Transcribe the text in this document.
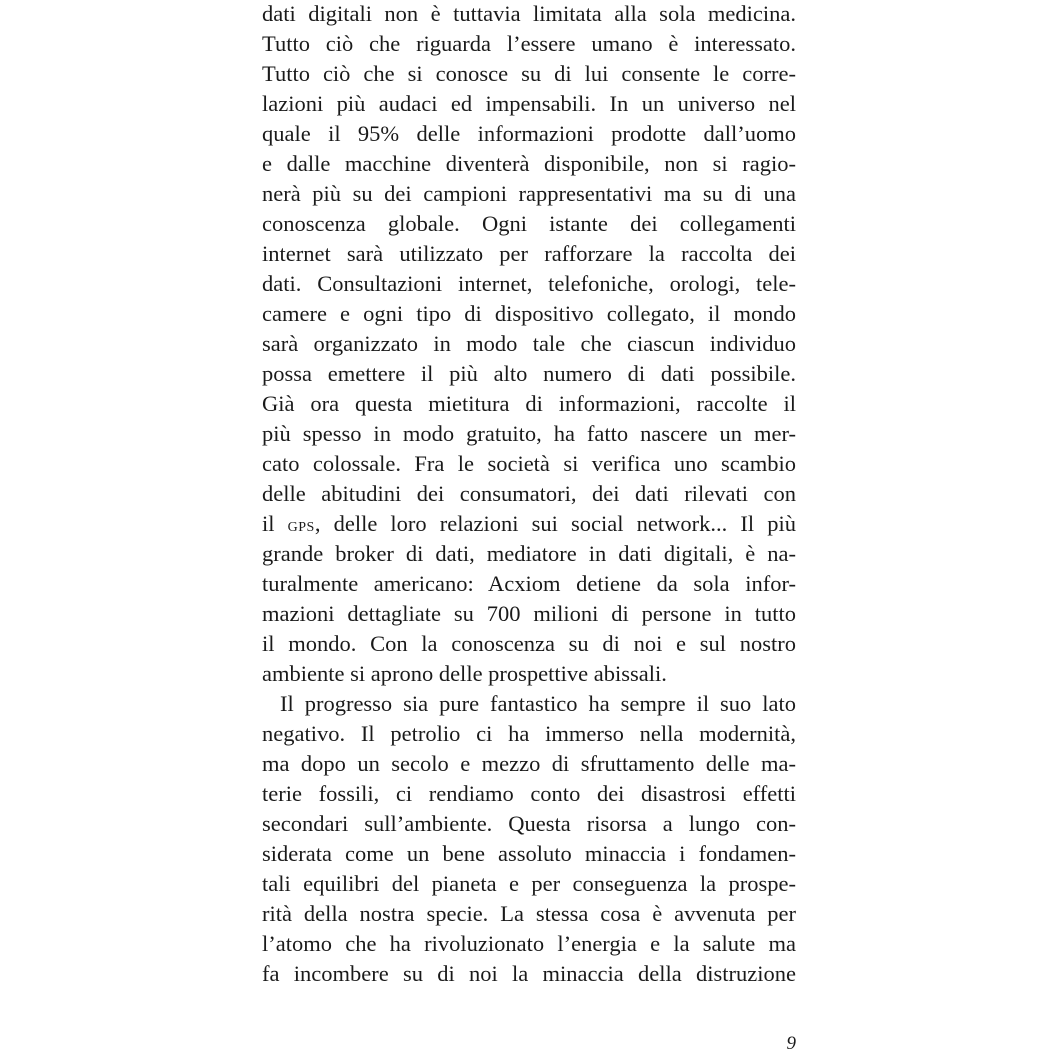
dati digitali non è tuttavia limitata alla sola medicina.
Tutto ciò che riguarda l’essere umano è interessato.
Tutto ciò che si conosce su di lui consente le corre-
lazioni più audaci ed impensabili. In un universo nel
quale il 95% delle informazioni prodotte dall’uomo
e dalle macchine diventerà disponibile, non si ragio-
nerà più su dei campioni rappresentativi ma su di una
conoscenza globale. Ogni istante dei collegamenti
internet sarà utilizzato per rafforzare la raccolta dei
dati. Consultazioni internet, telefoniche, orologi, tele-
camere e ogni tipo di dispositivo collegato, il mondo
sarà organizzato in modo tale che ciascun individuo
possa emettere il più alto numero di dati possibile.
Già ora questa mietitura di informazioni, raccolte il
più spesso in modo gratuito, ha fatto nascere un mer-
cato colossale. Fra le società si verifica uno scambio
delle abitudini dei consumatori, dei dati rilevati con
il GPS, delle loro relazioni sui social network... Il più
grande broker di dati, mediatore in dati digitali, è na-
turalmente americano: Acxiom detiene da sola infor-
mazioni dettagliate su 700 milioni di persone in tutto
il mondo. Con la conoscenza su di noi e sul nostro
ambiente si aprono delle prospettive abissali.
Il progresso sia pure fantastico ha sempre il suo lato
negativo. Il petrolio ci ha immerso nella modernità,
ma dopo un secolo e mezzo di sfruttamento delle ma-
terie fossili, ci rendiamo conto dei disastrosi effetti
secondari sull’ambiente. Questa risorsa a lungo con-
siderata come un bene assoluto minaccia i fondamen-
tali equilibri del pianeta e per conseguenza la prospe-
rità della nostra specie. La stessa cosa è avvenuta per
l’atomo che ha rivoluzionato l’energia e la salute ma
fa incombere su di noi la minaccia della distruzione
9
